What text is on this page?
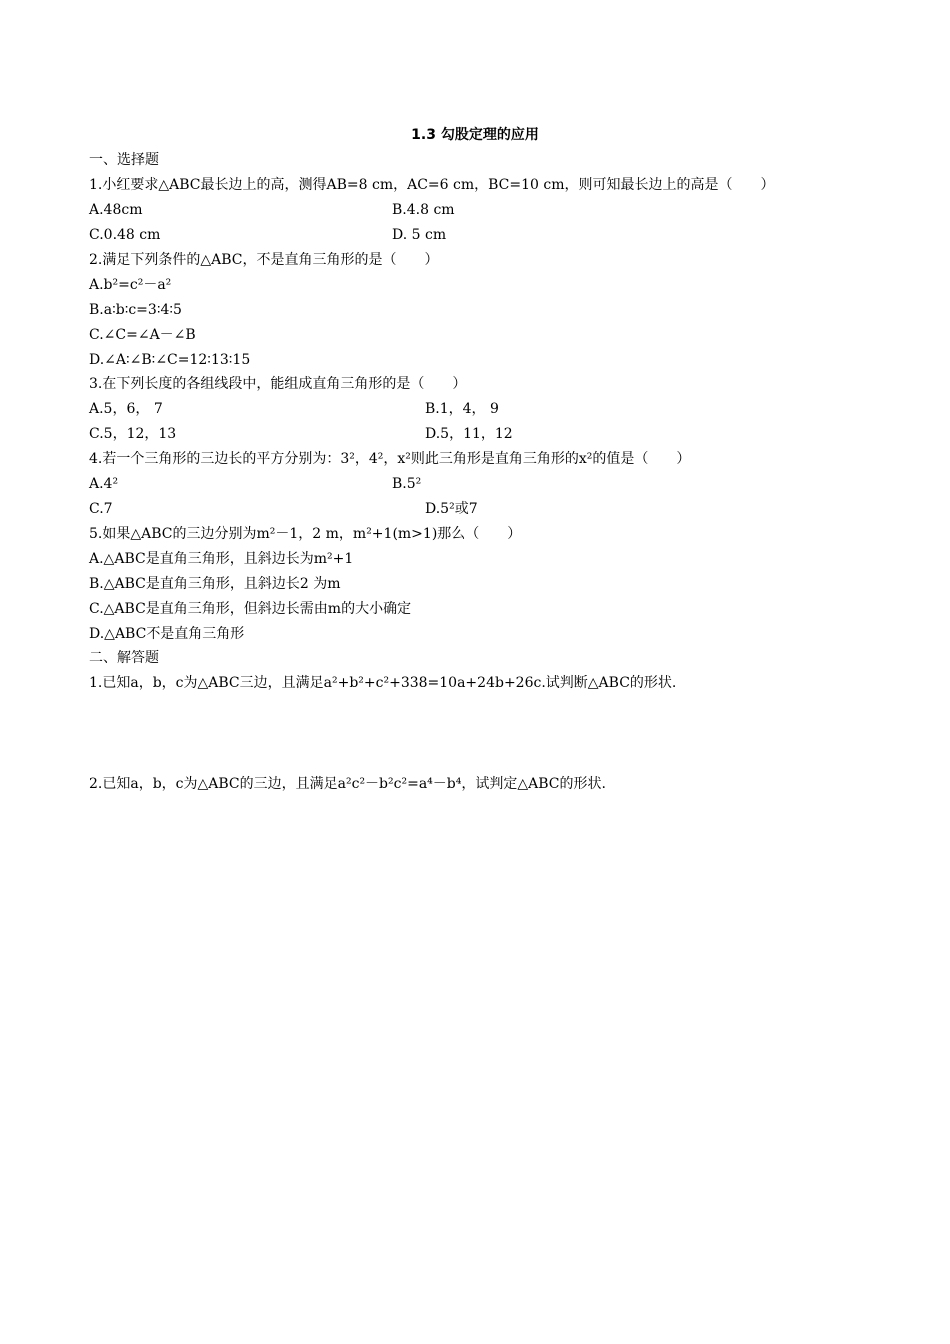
1.3 勾股定理的应用
一、选择题
1.小红要求△ABC最长边上的高，测得AB=8 cm，AC=6 cm，BC=10 cm，则可知最长边上的高是（　　）
A.48cm	B.4.8 cm
C.0.48 cm	D. 5 cm
2.满足下列条件的△ABC，不是直角三角形的是（　　）
A.b²=c²－a²
B.a∶b∶c=3∶4∶5
C.∠C=∠A－∠B
D.∠A∶∠B∶∠C=12∶13∶15
3.在下列长度的各组线段中，能组成直角三角形的是（　　）
A.5，6， 7	B.1，4， 9
C.5，12，13	D.5，11，12
4.若一个三角形的三边长的平方分别为：3²，4²，x²则此三角形是直角三角形的x²的值是（　　）
A.4²	B.5²
C.7	D.5²或7
5.如果△ABC的三边分别为m²－1，2 m，m²+1(m>1)那么（　　）
A.△ABC是直角三角形，且斜边长为m²+1
B.△ABC是直角三角形，且斜边长2 为m
C.△ABC是直角三角形，但斜边长需由m的大小确定
D.△ABC不是直角三角形
二、解答题
1.已知a，b，c为△ABC三边，且满足a²+b²+c²+338=10a+24b+26c.试判断△ABC的形状.
2.已知a，b，c为△ABC的三边，且满足a²c²－b²c²=a⁴－b⁴，试判定△ABC的形状.
